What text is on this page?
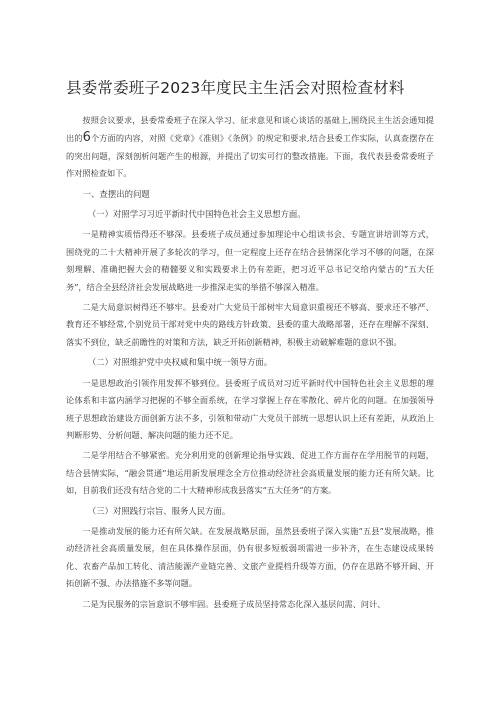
县委常委班子2023年度民主生活会对照检查材料

按照会议要求，县委常委班子在深入学习、征求意见和谈心谈话的基础上,围绕民主生活会通知提出的6个方面的内容，对照《党章》《准则》《条例》的规定和要求,结合县委工作实际，认真查摆存在的突出问题，深刻剖析问题产生的根源，并提出了切实可行的整改措施。下面，我代表县委常委班子作对照检查如下。

一、查摆出的问题

（一）对照学习习近平新时代中国特色社会主义思想方面。

一是精神实质悟得还不够深。县委班子成员通过参加理论中心组读书会、专题宣讲培训等方式，围绕党的二十大精神开展了多轮次的学习，但一定程度上还存在结合县情深化学习不够的问题，在深刻理解、准确把握大会的精髓要义和实践要求上仍有差距，把习近平总书记交给内蒙古的“五大任务”，结合全县经济社会发展战略进一步推深走实的举措不够深入精准。

二是大局意识树得还不够牢。县委对广大党员干部树牢大局意识重视还不够高、要求还不够严、教育还不够经常,个别党员干部对党中央的路线方针政策、县委的重大战略部署，还存在理解不深刻、落实不到位，缺乏前瞻性的对策和方法，缺乏开拓创新精神，积极主动破解难题的意识不强。

（二）对照维护党中央权威和集中统一领导方面。

一是思想政治引领作用发挥不够到位。县委班子成员对习近平新时代中国特色社会主义思想的理论体系和丰富内涵学习把握的不够全面系统，在学习掌握上存在零散化、碎片化的问题。在加强领导班子思想政治建设方面创新方法不多，引领和带动广大党员干部统一思想认识上还有差距，从政治上判断形势、分析问题、解决问题的能力还不足。

二是学用结合不够紧密。充分利用党的创新理论指导实践、促进工作方面存在学用脱节的问题，结合县情实际，“融会贯通”地运用新发展理念全方位推动经济社会高质量发展的能力还有所欠缺。比如，目前我们还没有结合党的二十大精神形成我县落实“五大任务”的方案。

（三）对照践行宗旨、服务人民方面。

一是推动发展的能力还有所欠缺。在发展战略层面，虽然县委班子深入实施“五县”发展战略，推动经济社会高质量发展，但在具体操作层面，仍有很多短板弱项需进一步补齐，在生态建设成果转化、农畜产品加工转化、清洁能源产业链完善、文旅产业提档升级等方面，仍存在思路不够开阔、开拓创新不强、办法措施不多等问题。

二是为民服务的宗旨意识不够牢固。县委班子成员坚持常态化深入基层问需、问计、
